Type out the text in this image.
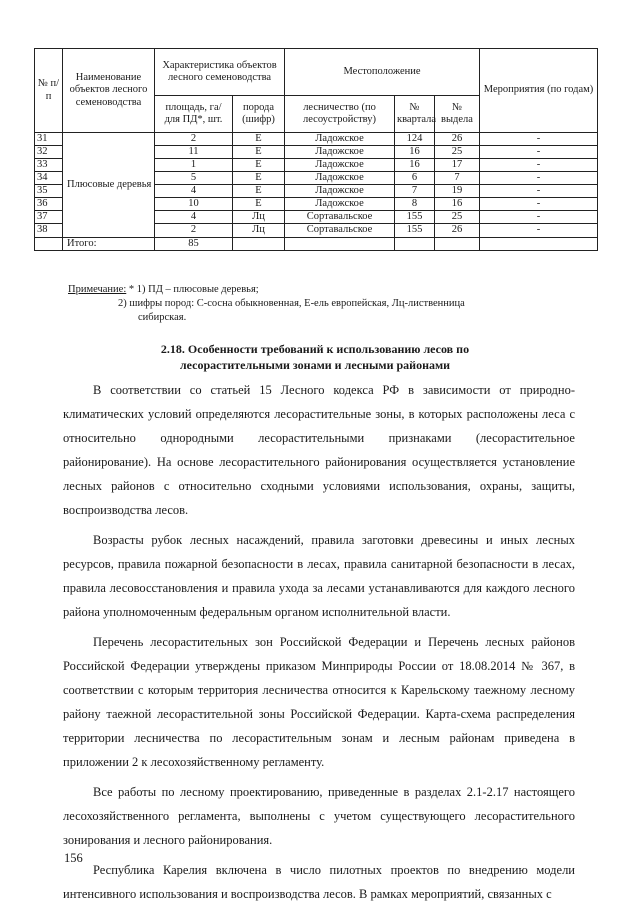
№ п/п	Наименование объектов лесного семеноводства	Характеристика объектов лесного семеноводства		Местоположение			Мероприятия (по годам)
		площадь, га/ для ПД*, шт.	порода (шифр)	лесничество (по лесоустройству)	№ квартала	№ выдела	
31	Плюсовые деревья	2	Е	Ладожское	124	26	-
32		11	Е	Ладожское	16	25	-
33		1	Е	Ладожское	16	17	-
34		5	Е	Ладожское	6	7	-
35		4	Е	Ладожское	7	19	-
36		10	Е	Ладожское	8	16	-
37		4	Лц	Сортавальское	155	25	-
38		2	Лц	Сортавальское	155	26	-
	Итого:	85					
Примечание: * 1) ПД – плюсовые деревья;
2) шифры пород: С-сосна обыкновенная, Е-ель европейская, Лц-лиственница
сибирская.
2.18. Особенности требований к использованию лесов по
лесорастительными зонами и лесными районами

В соответствии со статьей 15 Лесного кодекса РФ в зависимости от природно-климатических условий определяются лесорастительные зоны, в которых расположены леса с относительно однородными лесорастительными признаками (лесорастительное районирование). На основе лесорастительного районирования осуществляется установление лесных районов с относительно сходными условиями использования, охраны, защиты, воспроизводства лесов.

Возрасты рубок лесных насаждений, правила заготовки древесины и иных лесных ресурсов, правила пожарной безопасности в лесах, правила санитарной безопасности в лесах, правила лесовосстановления и правила ухода за лесами устанавливаются для каждого лесного района уполномоченным федеральным органом исполнительной власти.

Перечень лесорастительных зон Российской Федерации и Перечень лесных районов Российской Федерации утверждены приказом Минприроды России от 18.08.2014 № 367, в соответствии с которым территория лесничества относится к Карельскому таежному лесному району таежной лесорастительной зоны Российской Федерации. Карта-схема распределения территории лесничества по лесорастительным зонам и лесным районам приведена в приложении 2 к лесохозяйственному регламенту.

Все работы по лесному проектированию, приведенные в разделах 2.1-2.17 настоящего лесохозяйственного регламента, выполнены с учетом существующего лесорастительного зонирования и лесного районирования.

Республика Карелия включена в число пилотных проектов по внедрению модели интенсивного использования и воспроизводства лесов. В рамках мероприятий, связанных с

156
